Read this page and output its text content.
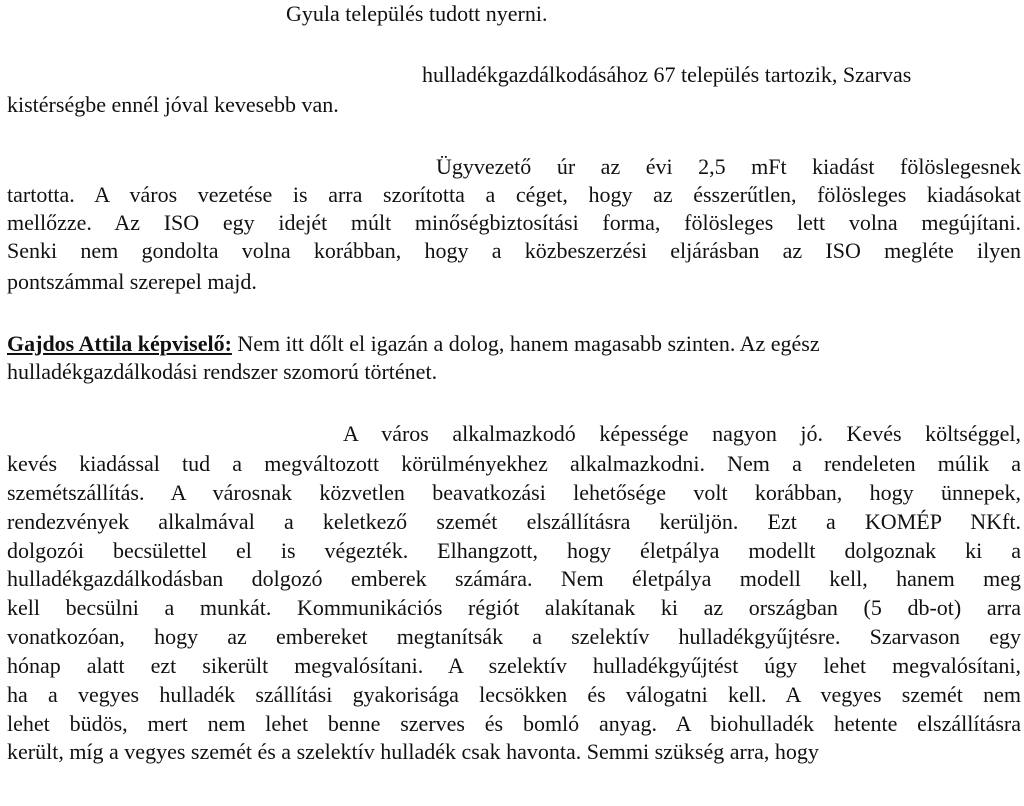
Gyula település tudott nyerni.
hulladékgazdálkodásához 67 település tartozik, Szarvas
kistérségbe ennél jóval kevesebb van.
Ügyvezető úr az évi 2,5 mFt kiadást fölöslegesnek
tartotta. A város vezetése is arra szorította a céget, hogy az ésszerűtlen, fölösleges kiadásokat
mellőzze. Az ISO egy idejét múlt minőségbiztosítási forma, fölösleges lett volna megújítani.
Senki nem gondolta volna korábban, hogy a közbeszerzési eljárásban az ISO megléte ilyen
pontszámmal szerepel majd.
Gajdos Attila képviselő: Nem itt dőlt el igazán a dolog, hanem magasabb szinten. Az egész
hulladékgazdálkodási rendszer szomorú történet.
A város alkalmazkodó képessége nagyon jó. Kevés költséggel,
kevés kiadással tud a megváltozott körülményekhez alkalmazkodni. Nem a rendeleten múlik a
szemétszállítás. A városnak közvetlen beavatkozási lehetősége volt korábban, hogy ünnepek,
rendezvények alkalmával a keletkező szemét elszállításra kerüljön. Ezt a KOMÉP NKft.
dolgozói becsülettel el is végezték. Elhangzott, hogy életpálya modellt dolgoznak ki a
hulladékgazdálkodásban dolgozó emberek számára. Nem életpálya modell kell, hanem meg
kell becsülni a munkát. Kommunikációs régiót alakítanak ki az országban (5 db-ot) arra
vonatkozóan, hogy az embereket megtanítsák a szelektív hulladékgyűjtésre. Szarvason egy
hónap alatt ezt sikerült megvalósítani. A szelektív hulladékgyűjtést úgy lehet megvalósítani,
ha a vegyes hulladék szállítási gyakorisága lecsökken és válogatni kell. A vegyes szemét nem
lehet büdös, mert nem lehet benne szerves és bomló anyag. A biohulladék hetente elszállításra
került, míg a vegyes szemét és a szelektív hulladék csak havonta. Semmi szükség arra, hogy
